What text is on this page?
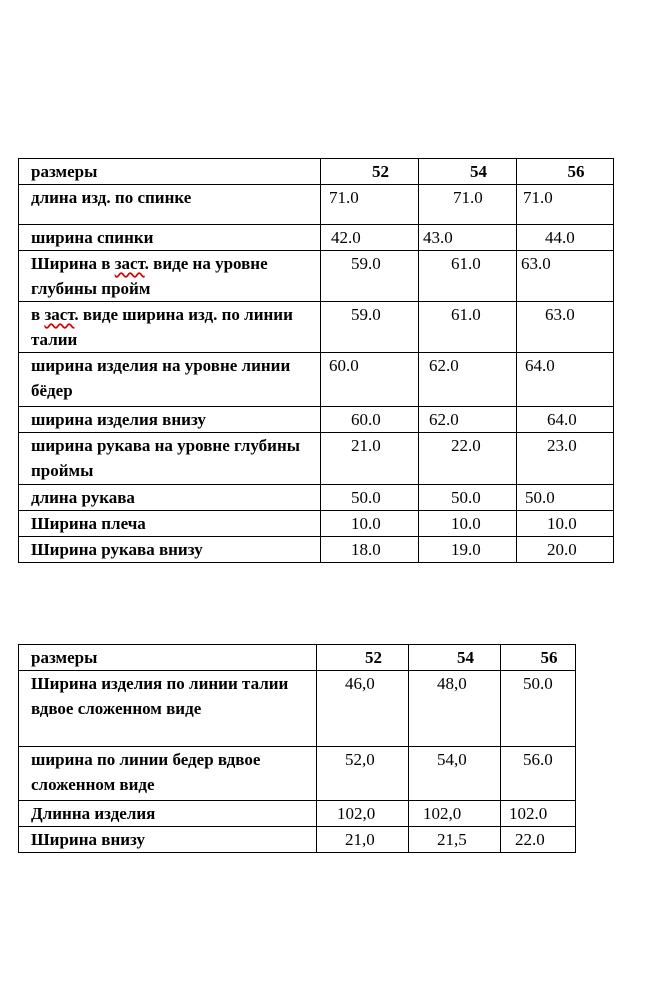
размеры	52	54	56
длина изд. по спинке	71.0	71.0	71.0
ширина спинки	42.0	43.0	44.0
Ширина в заст. виде на уровне глубины пройм	59.0	61.0	63.0
в заст. виде ширина изд. по линии талии	59.0	61.0	63.0
ширина изделия на уровне линии бёдер	60.0	62.0	64.0
ширина изделия внизу	60.0	62.0	64.0
ширина рукава на уровне глубины проймы	21.0	22.0	23.0
длина рукава	50.0	50.0	50.0
Ширина плеча	10.0	10.0	10.0
Ширина рукава внизу	18.0	19.0	20.0
размеры	52	54	56
Ширина изделия по линии талии вдвое сложенном виде	46,0	48,0	50.0
ширина по линии бедер вдвое сложенном виде	52,0	54,0	56.0
Длинна изделия	102,0	102,0	102.0
Ширина внизу	21,0	21,5	22.0
